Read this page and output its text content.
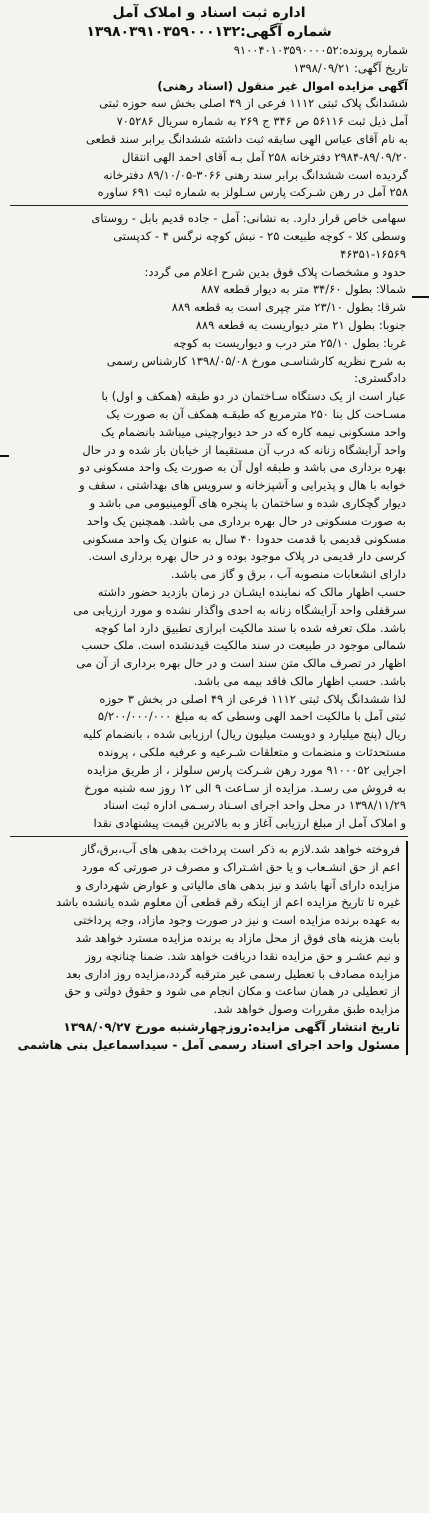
اداره ثبت اسناد و املاک آمل
شماره آگهی:۱۳۹۸۰۳۹۱۰۳۵۹۰۰۰۱۳۲
شماره پرونده:۹۱۰۰۴۰۱۰۳۵۹۰۰۰۰۵۲
تاریخ آگهی: ۱۳۹۸/۰۹/۲۱
آگهی مزایده اموال غیر منقول (اسناد رهنی)
ششدانگ پلاک ثبتی ۱۱۱۲ فرعی از ۴۹ اصلی بخش سه حوزه ثبتی
آمل ذیل ثبت ۵۶۱۱۶ ص ۳۴۶ ج ۲۶۹ به شماره سریال ۷۰۵۲۸۶
به نام آقای عباس الهی سابقه ثبت داشته ششدانگ برابر سند قطعی
۲۹۸۴-۸۹/۰۹/۲۰ دفترخانه ۲۵۸ آمل بـه آقای احمد الهی انتقال
گردیده است ششدانگ برابر سند رهنی ۳۰۶۶-۸۹/۱۰/۰۵ دفترخانه
۲۵۸ آمل در رهن شـرکت پارس سـلولز به شماره ثبت ۶۹۱ ساوره
سهامی خاص قرار دارد. به نشانی: آمل - جاده قدیم بابل - روستای
وسطی کلا - کوچه طبیعت ۲۵ - نبش کوچه نرگس ۴ - کدپستی
۴۶۳۵۱-۱۶۵۶۹
حدود و مشخصات پلاک فوق بدین شرح اعلام می گردد:
شمالا: بطول ۳۴/۶۰ متر به دیوار قطعه ۸۸۷
شرقا: بطول ۲۳/۱۰ متر چپری است به قطعه ۸۸۹
جنوبا: بطول ۲۱ متر دیواریست به قطعه ۸۸۹
غربا: بطول ۲۵/۱۰ متر درب و دیواریست به کوچه
به شرح نظریه کارشناسـی مورخ ۱۳۹۸/۰۵/۰۸ کارشناس رسمی
دادگستری:
عبار است از یک دستگاه سـاختمان در دو طبقه (همکف و اول) با
مسـاحت کل بنا ۲۵۰ مترمربع که طبقـه همکف آن به صورت یک
واحد مسکونی نیمه کاره که در حد دیوارچینی میباشد بانضمام یک
واحد آرایشگاه زنانه که درب آن مستقیما از خیابان باز شده و در حال
بهره برداری می باشد و طبقه اول آن به صورت یک واحد مسکونی دو
خوابه با هال و پذیرایی و آشپزخانه و سرویس های بهداشتی ، سقف و
دیوار گچکاری شده و ساختمان با پنجره های آلومینیومی می باشد و
به صورت مسکونی در حال بهره برداری می باشد. همچنین یک واحد
مسکونی قدیمی با قدمت حدودا ۴۰ سال به عنوان یک واحد مسکونی
کرسی دار قدیمی در پلاک موجود بوده و در حال بهره برداری است.
دارای انشعابات منصوبه آب ، برق و گاز می باشد.
حسب اظهار مالک که نماینده ایشـان در زمان بازدید حضور داشته
سرقفلی واحد آرایشگاه زنانه به احدی واگذار نشده و مورد ارزیابی می
باشد. ملک تعرفه شده با سند مالکیت ابرازی تطبیق دارد اما کوچه
شمالی موجود در طبیعت در سند مالکیت قیدنشده است. ملک حسب
اظهار در تصرف مالک متن سند است و در حال بهره برداری از آن می
باشد. حسب اظهار مالک فاقد بیمه می باشد.
لذا ششدانگ پلاک ثبتی ۱۱۱۲ فرعی از ۴۹ اصلی در بخش ۳ حوزه
ثبتی آمل با مالکیت احمد الهی وسطی که به مبلغ ۵/۲۰۰/۰۰۰/۰۰۰
ریال (پنج میلیارد و دویست میلیون ریال) ارزیابی شده ، بانضمام کلیه
مستحدثات و منضمات و متعلقات شـرعیه و عرفیه ملکی ، پرونده
اجرایی ۹۱۰۰۰۵۲ مورد رهن شـرکت پارس سلولز ، از طریق مزایده
به فروش می رسـد. مزایده از سـاعت ۹ الی ۱۲ روز سه شنبه مورخ
۱۳۹۸/۱۱/۲۹ در محل واحد اجرای اسـناد رسـمی اداره ثبت اسناد
و املاک آمل از مبلغ ارزیابی آغاز و به بالاترین قیمت پیشنهادی نقدا
فروخته خواهد شد.لازم به ذکر است پرداخت بدهی های آب،برق،گاز
اعم از حق انشـعاب و یا حق اشـتراک و مصرف در صورتی که مورد
مزایده دارای آنها باشد و نیز بدهی های مالیاتی و عوارض شهرداری و
غیره تا تاریخ مزایده اعم از اینکه رقم قطعی آن معلوم شده یانشده باشد
به عهده برنده مزایده است و نیز در صورت وجود مازاد، وجه پرداختی
بابت هزینه های فوق از محل مازاد به برنده مزایده مسترد خواهد شد
و نیم عشـر و حق مزایده نقدا دریافت خواهد شد. ضمنا چنانچه روز
مزایده مصادف با تعطیل رسمی غیر مترقبه گردد،مزایده روز اداری بعد
از تعطیلی در همان ساعت و مکان انجام می شود و حقوق دولتی و حق
مزایده طبق مقررات وصول خواهد شد.
تاریخ انتشار آگهی مزایده:روزچهارشنبه مورخ ۱۳۹۸/۰۹/۲۷
مسئول واحد اجرای اسناد رسمی آمل - سیداسماعیل بنی هاشمی
